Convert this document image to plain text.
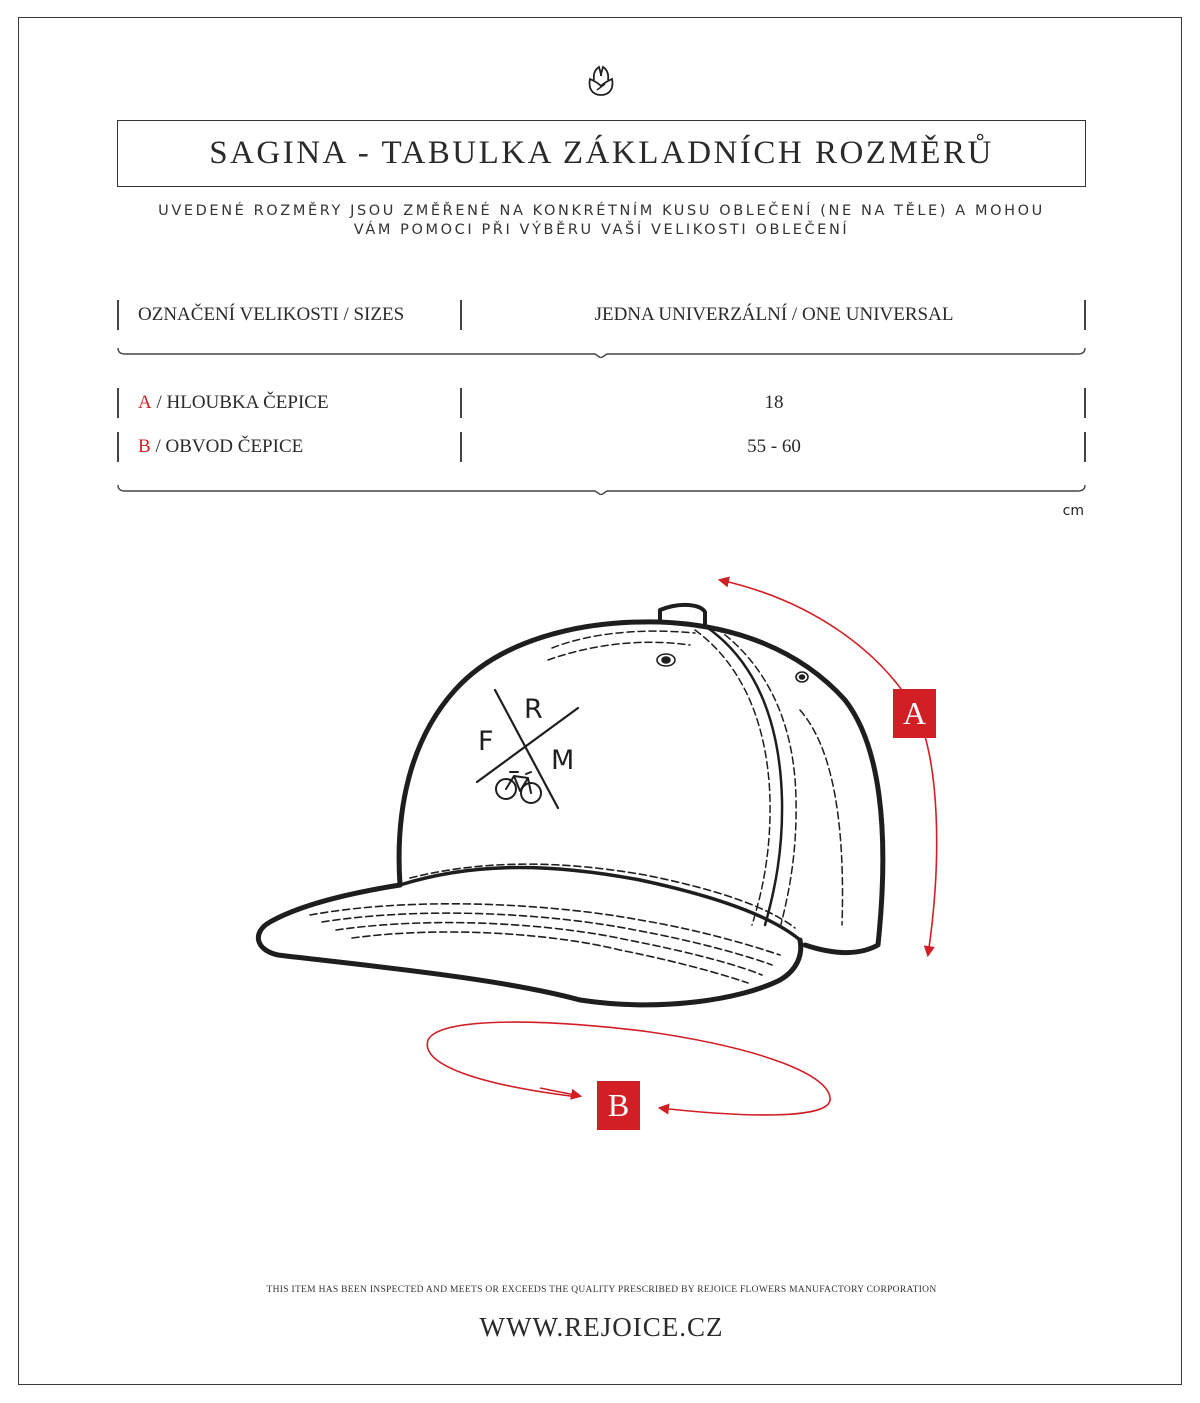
SAGINA - TABULKA ZÁKLADNÍCH ROZMĚRŮ
UVEDENÉ ROZMĚRY JSOU ZMĚŘENÉ NA KONKRÉTNÍM KUSU OBLEČENÍ (NE NA TĚLE) A MOHOU
VÁM POMOCI PŘI VÝBĚRU VAŠÍ VELIKOSTI OBLEČENÍ
OZNAČENÍ VELIKOSTI / SIZES	JEDNA UNIVERZÁLNÍ / ONE UNIVERSAL
A / HLOUBKA ČEPICE	18
B / OBVOD ČEPICE	55 - 60
cm
F
R
M
A
B
THIS ITEM HAS BEEN INSPECTED AND MEETS OR EXCEEDS THE QUALITY PRESCRIBED BY REJOICE FLOWERS MANUFACTORY CORPORATION
WWW.REJOICE.CZ
